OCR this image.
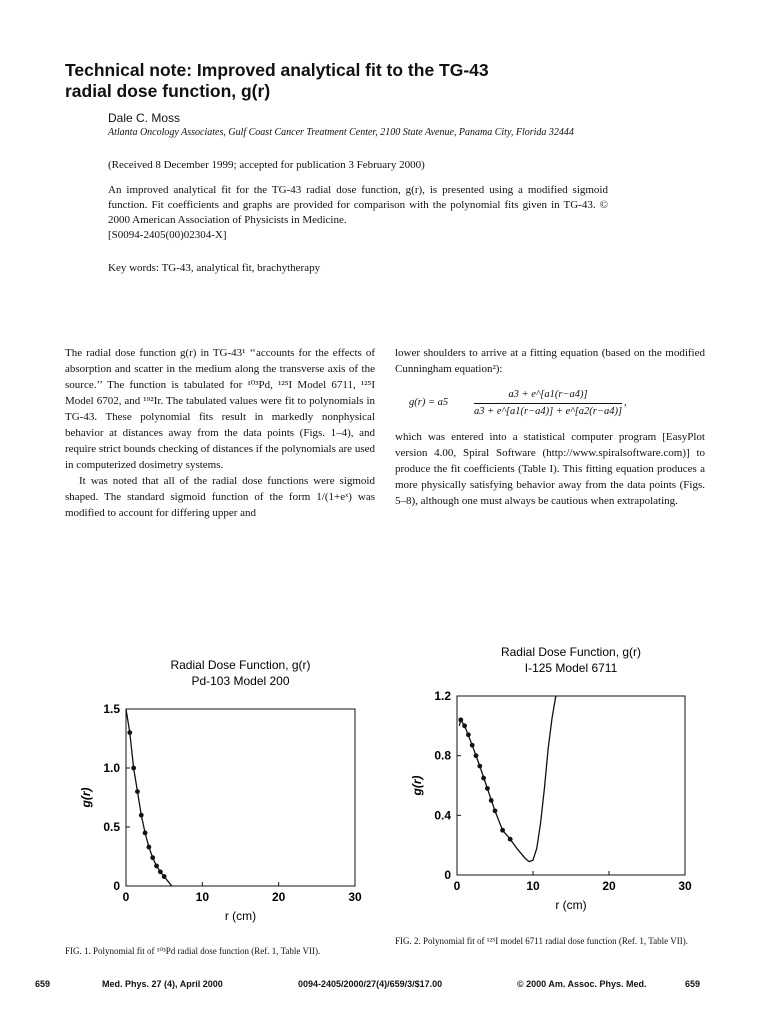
Technical note: Improved analytical fit to the TG-43
radial dose function, g(r)
Dale C. Moss
Atlanta Oncology Associates, Gulf Coast Cancer Treatment Center, 2100 State Avenue, Panama City, Florida 32444
(Received 8 December 1999; accepted for publication 3 February 2000)
An improved analytical fit for the TG-43 radial dose function, g(r), is presented using a modified sigmoid function. Fit coefficients and graphs are provided for comparison with the polynomial fits given in TG-43. © 2000 American Association of Physicists in Medicine.
[S0094-2405(00)02304-X]
Key words: TG-43, analytical fit, brachytherapy

The radial dose function g(r) in TG-43¹ ‘‘accounts for the effects of absorption and scatter in the medium along the transverse axis of the source.’’ The function is tabulated for ¹⁰³Pd, ¹²⁵I Model 6711, ¹²⁵I Model 6702, and ¹⁹²Ir. The tabulated values were fit to polynomials in TG-43. These polynomial fits result in markedly nonphysical behavior at distances away from the data points (Figs. 1–4), and require strict bounds checking of distances if the polynomials are used in computerized dosimetry systems.

It was noted that all of the radial dose functions were sigmoid shaped. The standard sigmoid function of the form 1/(1+eˣ) was modified to account for differing upper and

lower shoulders to arrive at a fitting equation (based on the modified Cunningham equation²):

$g(r) = a5 \frac{a3 + e\^{}[a1(r-a4)]}{a3 + e\^{}[a1(r-a4)] + e\^{}[a2(r-a4)]}$ ,

which was entered into a statistical computer program [EasyPlot version 4.00, Spiral Software (http://www.spiralsoftware.com)] to produce the fit coefficients (Table I). This fitting equation produces a more physically satisfying behavior away from the data points (Figs. 5–8), although one must always be cautious when extrapolating.

Radial Dose Function, g(r)
Pd-103 Model 200
0	10	20	30
0
0.5
1.0
1.5
r (cm)
g(r)
FIG. 1. Polynomial fit of ¹⁰³Pd radial dose function (Ref. 1, Table VII).
Radial Dose Function, g(r)
I-125 Model 6711
0	10	20	30
0
0.4
0.8
1.2
r (cm)
g(r)
FIG. 2. Polynomial fit of ¹²⁵I model 6711 radial dose function (Ref. 1, Table VII).
659	Med. Phys. 27 (4), April 2000	0094-2405/2000/27(4)/659/3/$17.00	© 2000 Am. Assoc. Phys. Med.	659
